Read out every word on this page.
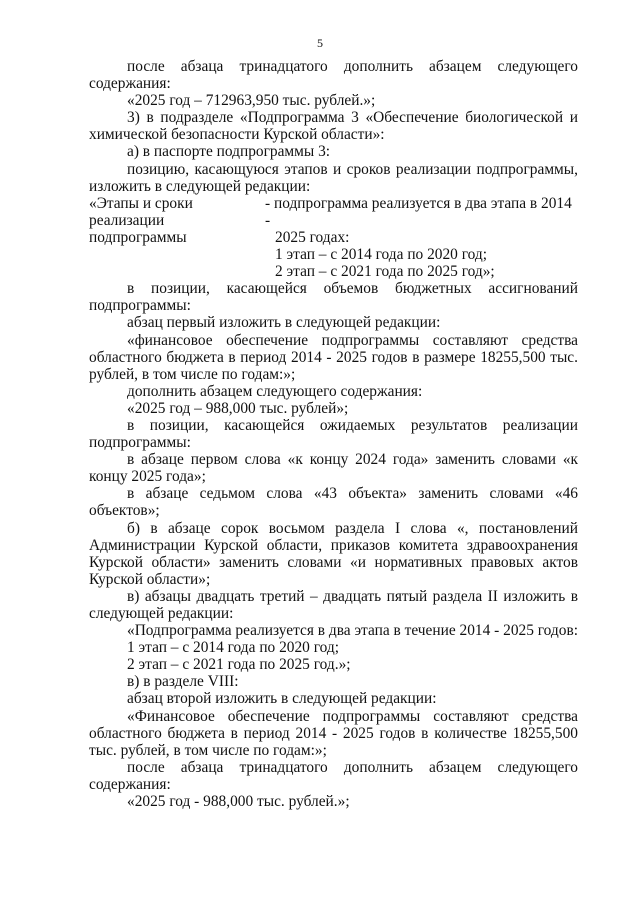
5

после абзаца тринадцатого дополнить абзацем следующего

содержания:

«2025 год – 712963,950 тыс. рублей.»;

3) в подразделе «Подпрограмма 3 «Обеспечение биологической и

химической безопасности Курской области»:

а) в паспорте подпрограммы 3:

позицию, касающуюся этапов и сроков реализации подпрограммы,

изложить в следующей редакции:

«Этапы и сроки
реализации
подпрограммы
- подпрограмма реализуется в два этапа в 2014 -
2025 годах:
1 этап – с 2014 года по 2020 год;
2 этап – с 2021 года по 2025 год»;

в позиции, касающейся объемов бюджетных ассигнований

подпрограммы:

абзац первый изложить в следующей редакции:

«финансовое обеспечение подпрограммы составляют средства

областного бюджета в период 2014 - 2025 годов в размере 18255,500 тыс.

рублей, в том числе по годам:»;

дополнить абзацем следующего содержания:

«2025 год – 988,000 тыс. рублей»;

в позиции, касающейся ожидаемых результатов реализации

подпрограммы:

в абзаце первом слова «к концу 2024 года» заменить словами «к

концу 2025 года»;

в абзаце седьмом слова «43 объекта» заменить словами «46

объектов»;

б) в абзаце сорок восьмом раздела I слова «, постановлений

Администрации Курской области, приказов комитета здравоохранения

Курской области» заменить словами «и нормативных правовых актов

Курской области»;

в) абзацы двадцать третий – двадцать пятый раздела II изложить в

следующей редакции:

«Подпрограмма реализуется в два этапа в течение 2014 - 2025 годов:

1 этап – с 2014 года по 2020 год;

2 этап – с 2021 года по 2025 год.»;

в) в разделе VIII:

абзац второй изложить в следующей редакции:

«Финансовое обеспечение подпрограммы составляют средства

областного бюджета в период 2014 - 2025 годов в количестве 18255,500

тыс. рублей, в том числе по годам:»;

после абзаца тринадцатого дополнить абзацем следующего

содержания:

«2025 год - 988,000 тыс. рублей.»;
